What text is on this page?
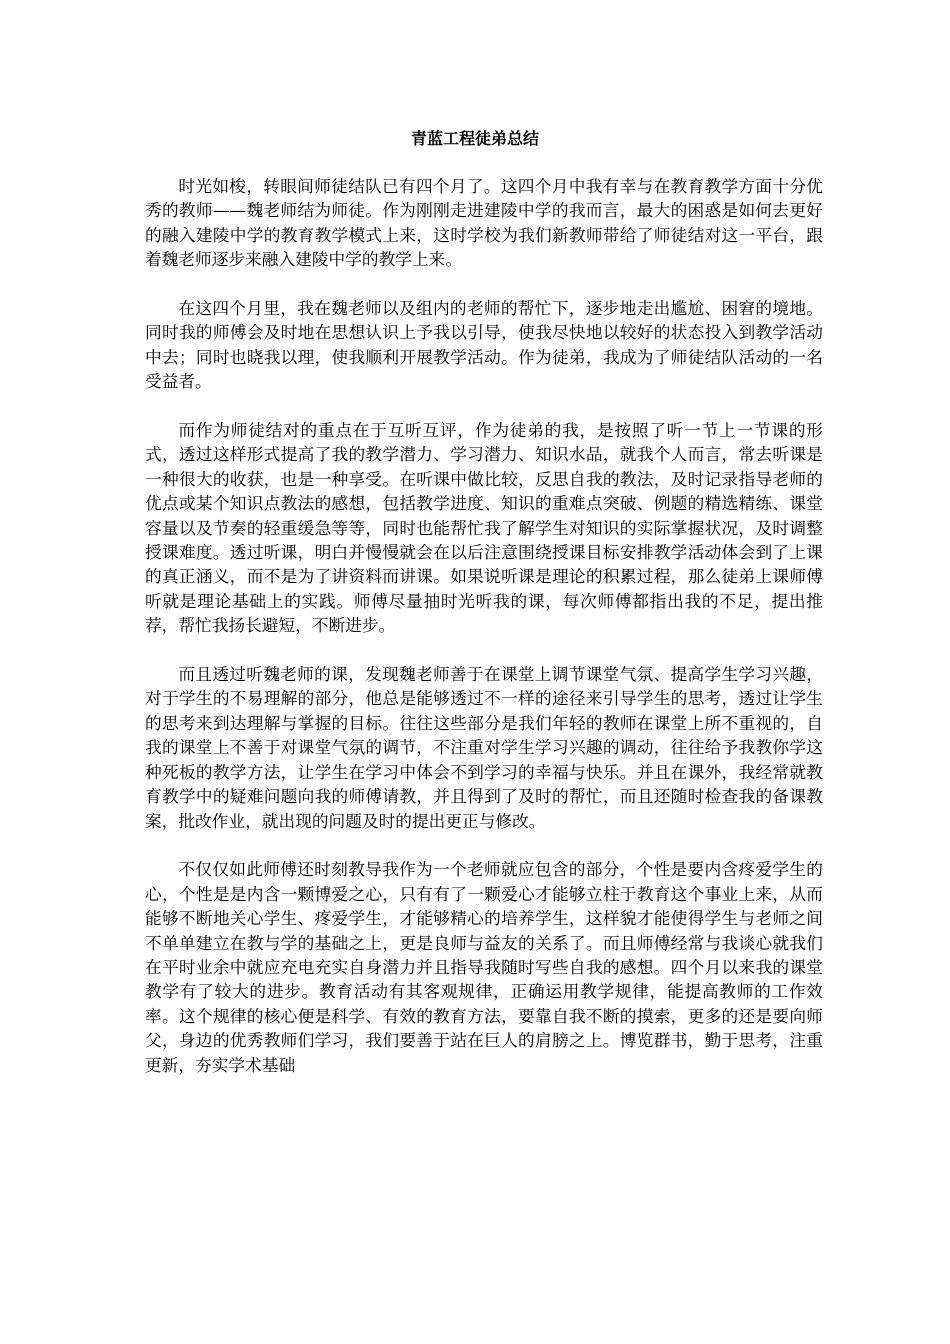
青蓝工程徒弟总结

时光如梭，转眼间师徒结队已有四个月了。这四个月中我有幸与在教育教学方面十分优秀的教师——魏老师结为师徒。作为刚刚走进建陵中学的我而言，最大的困惑是如何去更好的融入建陵中学的教育教学模式上来，这时学校为我们新教师带给了师徒结对这一平台，跟着魏老师逐步来融入建陵中学的教学上来。

在这四个月里，我在魏老师以及组内的老师的帮忙下，逐步地走出尴尬、困窘的境地。同时我的师傅会及时地在思想认识上予我以引导，使我尽快地以较好的状态投入到教学活动中去；同时也晓我以理，使我顺利开展教学活动。作为徒弟，我成为了师徒结队活动的一名受益者。

而作为师徒结对的重点在于互听互评，作为徒弟的我，是按照了听一节上一节课的形式，透过这样形式提高了我的教学潜力、学习潜力、知识水品，就我个人而言，常去听课是一种很大的收获，也是一种享受。在听课中做比较，反思自我的教法，及时记录指导老师的优点或某个知识点教法的感想，包括教学进度、知识的重难点突破、例题的精选精练、课堂容量以及节奏的轻重缓急等等，同时也能帮忙我了解学生对知识的实际掌握状况，及时调整授课难度。透过听课，明白并慢慢就会在以后注意围绕授课目标安排教学活动体会到了上课的真正涵义，而不是为了讲资料而讲课。如果说听课是理论的积累过程，那么徒弟上课师傅听就是理论基础上的实践。师傅尽量抽时光听我的课，每次师傅都指出我的不足，提出推荐，帮忙我扬长避短，不断进步。

而且透过听魏老师的课，发现魏老师善于在课堂上调节课堂气氛、提高学生学习兴趣，对于学生的不易理解的部分，他总是能够透过不一样的途径来引导学生的思考，透过让学生的思考来到达理解与掌握的目标。往往这些部分是我们年轻的教师在课堂上所不重视的，自我的课堂上不善于对课堂气氛的调节，不注重对学生学习兴趣的调动，往往给予我教你学这种死板的教学方法，让学生在学习中体会不到学习的幸福与快乐。并且在课外，我经常就教育教学中的疑难问题向我的师傅请教，并且得到了及时的帮忙，而且还随时检查我的备课教案，批改作业，就出现的问题及时的提出更正与修改。

不仅仅如此师傅还时刻教导我作为一个老师就应包含的部分，个性是要内含疼爱学生的心，个性是是内含一颗博爱之心，只有有了一颗爱心才能够立柱于教育这个事业上来，从而能够不断地关心学生、疼爱学生，才能够精心的培养学生，这样貌才能使得学生与老师之间不单单建立在教与学的基础之上，更是良师与益友的关系了。而且师傅经常与我谈心就我们在平时业余中就应充电充实自身潜力并且指导我随时写些自我的感想。四个月以来我的课堂教学有了较大的进步。教育活动有其客观规律，正确运用教学规律，能提高教师的工作效率。这个规律的核心便是科学、有效的教育方法，要靠自我不断的摸索，更多的还是要向师父，身边的优秀教师们学习，我们要善于站在巨人的肩膀之上。博览群书，勤于思考，注重更新，夯实学术基础
